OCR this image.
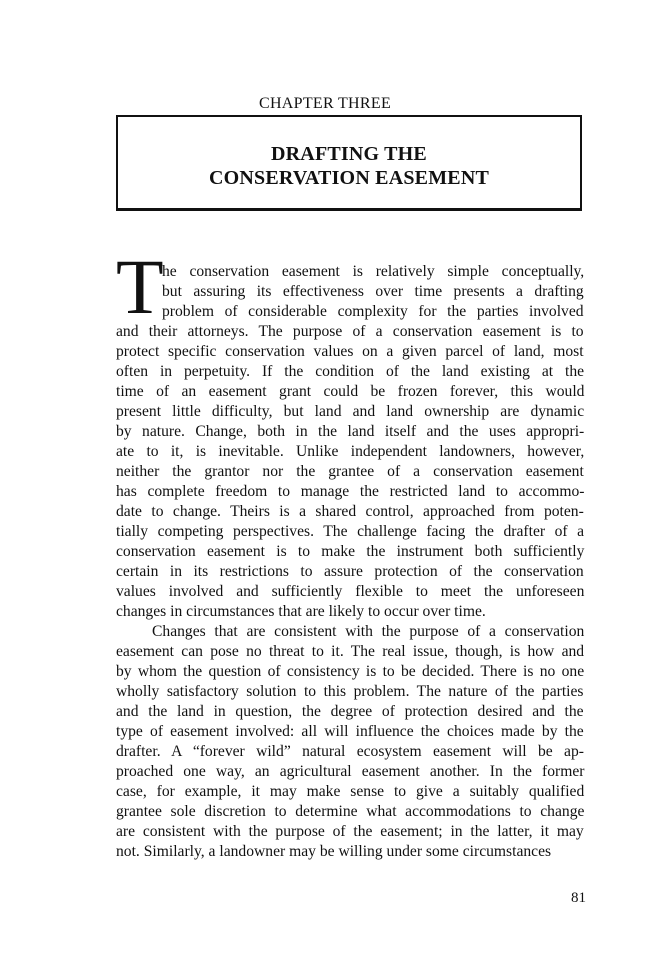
CHAPTER THREE
DRAFTING THE
CONSERVATION EASEMENT
T
he conservation easement is relatively simple conceptually,
but assuring its effectiveness over time presents a drafting
problem of considerable complexity for the parties involved
and their attorneys. The purpose of a conservation easement is to
protect specific conservation values on a given parcel of land, most
often in perpetuity. If the condition of the land existing at the
time of an easement grant could be frozen forever, this would
present little difficulty, but land and land ownership are dynamic
by nature. Change, both in the land itself and the uses appropri-
ate to it, is inevitable. Unlike independent landowners, however,
neither the grantor nor the grantee of a conservation easement
has complete freedom to manage the restricted land to accommo-
date to change. Theirs is a shared control, approached from poten-
tially competing perspectives. The challenge facing the drafter of a
conservation easement is to make the instrument both sufficiently
certain in its restrictions to assure protection of the conservation
values involved and sufficiently flexible to meet the unforeseen
changes in circumstances that are likely to occur over time.
Changes that are consistent with the purpose of a conservation
easement can pose no threat to it. The real issue, though, is how and
by whom the question of consistency is to be decided. There is no one
wholly satisfactory solution to this problem. The nature of the parties
and the land in question, the degree of protection desired and the
type of easement involved: all will influence the choices made by the
drafter. A “forever wild” natural ecosystem easement will be ap-
proached one way, an agricultural easement another. In the former
case, for example, it may make sense to give a suitably qualified
grantee sole discretion to determine what accommodations to change
are consistent with the purpose of the easement; in the latter, it may
not. Similarly, a landowner may be willing under some circumstances
81
